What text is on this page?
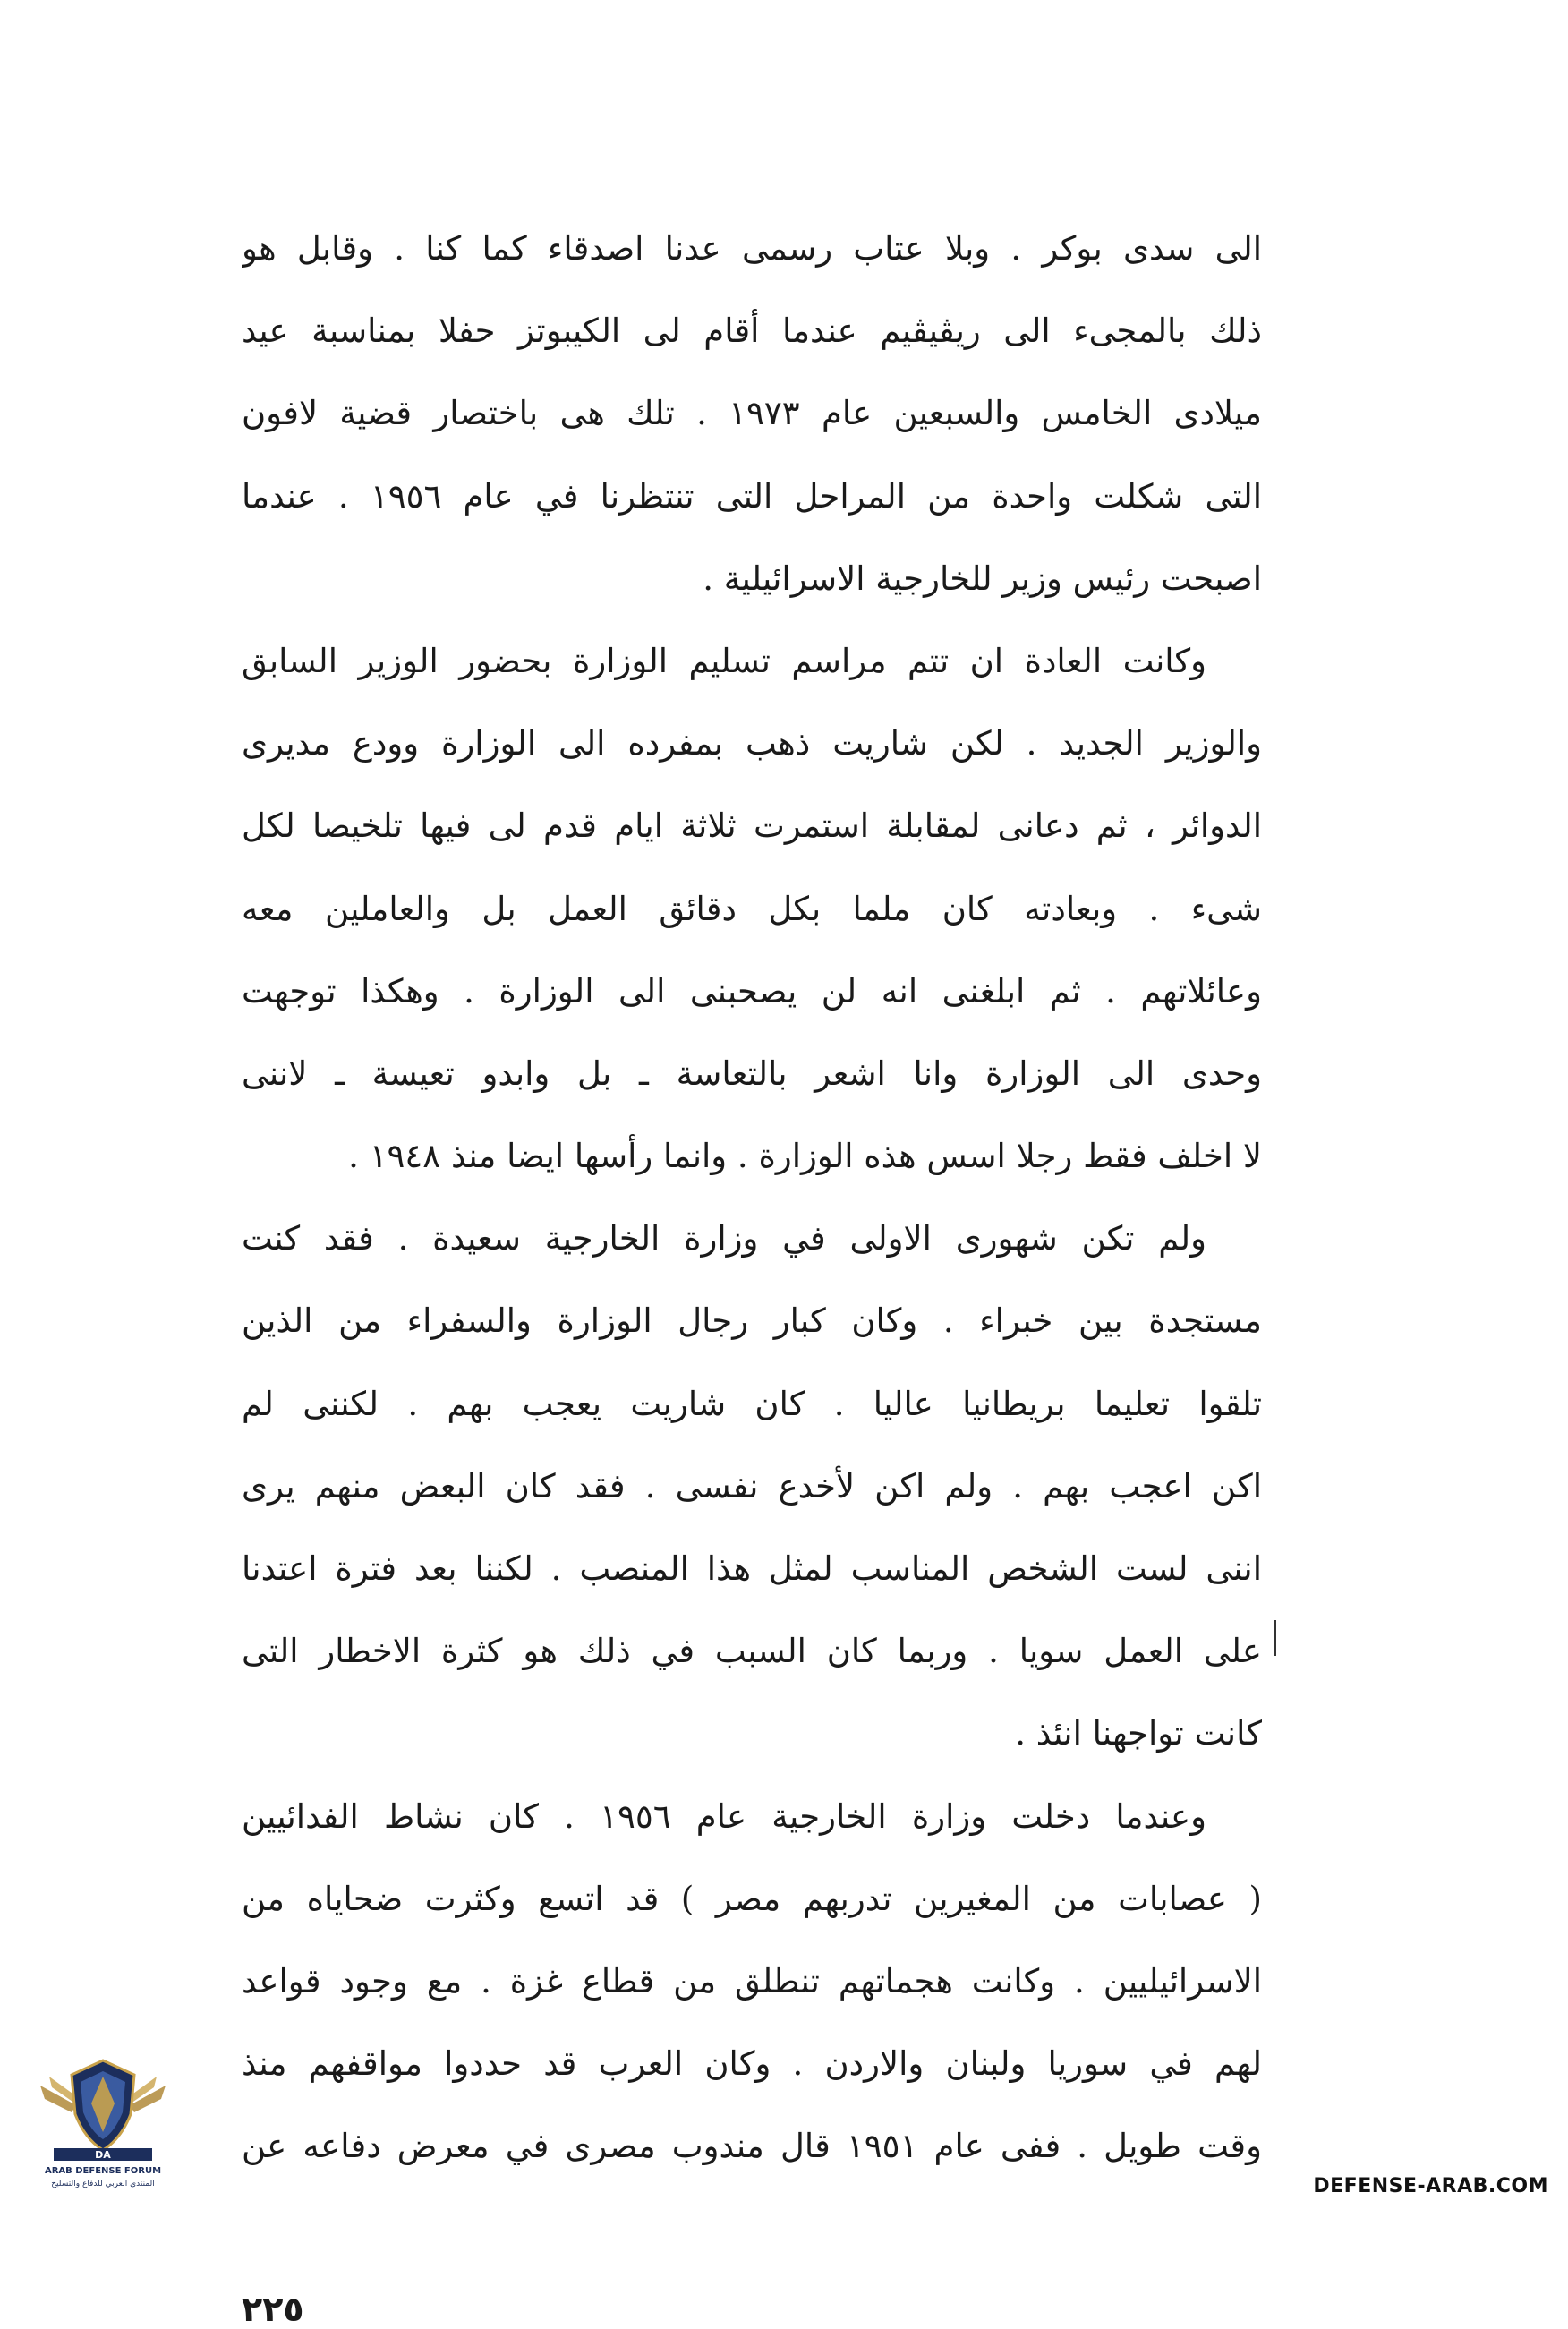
الى سدى بوكر . وبلا عتاب رسمى عدنا اصدقاء كما كنا . وقابل هو
ذلك بالمجىء الى ريڤيڤيم عندما أقام لى الكيبوتز حفلا بمناسبة عيد
ميلادى الخامس والسبعين عام ١٩٧٣ . تلك هى باختصار قضية لافون
التى شكلت واحدة من المراحل التى تنتظرنا في عام ١٩٥٦ . عندما
اصبحت رئيس وزير للخارجية الاسرائيلية .
وكانت العادة ان تتم مراسم تسليم الوزارة بحضور الوزير السابق
والوزير الجديد . لكن شاريت ذهب بمفرده الى الوزارة وودع مديرى
الدوائر ، ثم دعانى لمقابلة استمرت ثلاثة ايام قدم لى فيها تلخيصا لكل
شىء . وبعادته كان ملما بكل دقائق العمل بل والعاملين معه
وعائلاتهم . ثم ابلغنى انه لن يصحبنى الى الوزارة . وهكذا توجهت
وحدى الى الوزارة وانا اشعر بالتعاسة ـ بل وابدو تعيسة ـ لاننى
لا اخلف فقط رجلا اسس هذه الوزارة . وانما رأسها ايضا منذ ١٩٤٨ .
ولم تكن شهورى الاولى في وزارة الخارجية سعيدة . فقد كنت
مستجدة بين خبراء . وكان كبار رجال الوزارة والسفراء من الذين
تلقوا تعليما بريطانيا عاليا . كان شاريت يعجب بهم . لكننى لم
اكن اعجب بهم . ولم اكن لأخدع نفسى . فقد كان البعض منهم يرى
اننى لست الشخص المناسب لمثل هذا المنصب . لكننا بعد فترة اعتدنا
على العمل سويا . وربما كان السبب في ذلك هو كثرة الاخطار التى
كانت تواجهنا انئذ .
وعندما دخلت وزارة الخارجية عام ١٩٥٦ . كان نشاط الفدائيين
( عصابات من المغيرين تدربهم مصر ) قد اتسع وكثرت ضحاياه من
الاسرائيليين . وكانت هجماتهم تنطلق من قطاع غزة . مع وجود قواعد
لهم في سوريا ولبنان والاردن . وكان العرب قد حددوا مواقفهم منذ
وقت طويل . ففى عام ١٩٥١ قال مندوب مصرى في معرض دفاعه عن
٢٢٥
DA
ARAB DEFENSE FORUM
المنتدى العربي للدفاع والتسليح	DEFENSE-ARAB.COM
